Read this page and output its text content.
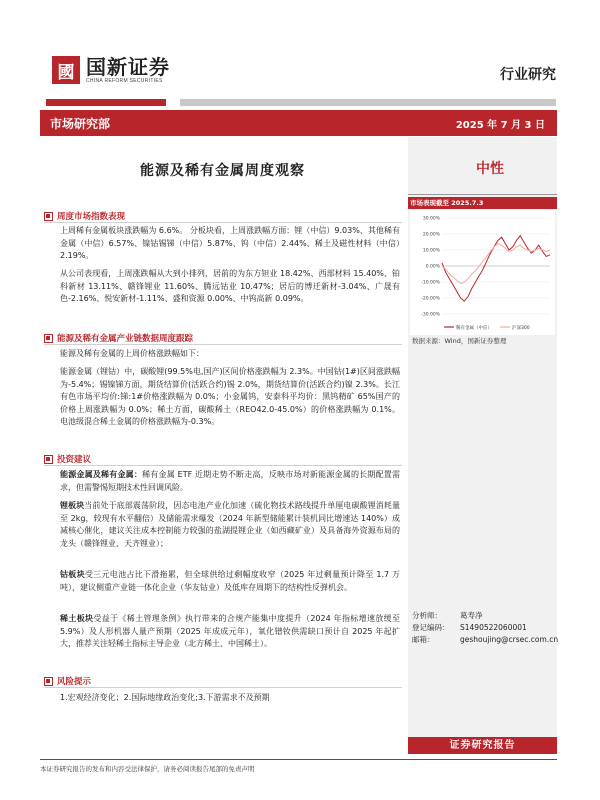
國 国新证券
CHINA REFORM SECURITIES	行业研究
市场研究部	2025 年 7 月 3 日
能源及稀有金属周度观察	中性
市场表现截至 2025.7.3
30.00%
20.00%
10.00%
0.00%
-10.00%
-20.00%
-30.00%
稀有金属（中信）	沪深300
数据来源：Wind，国新证券整理
分析师：	葛寿净
登记编码：	S1490522060001
邮箱：	geshoujing@crsec.com.cn
证券研究报告
周度市场指数表现
上周稀有金属板块涨跌幅为 6.6%。 分板块看，上周涨跌幅方面：锂（中信）9.03%、其他稀有金属（中信）6.57%、镍钴锡锑（中信）5.87%、钨（中信）2.44%、稀土及磁性材料（中信）2.19%。
从公司表现看，上周涨跌幅从大到小排列，居前的为东方钽业 18.42%、西部材料 15.40%、铂科新材 13.11%、赣锋锂业 11.60%、腾远钴业 10.47%；居后的博迁新材-3.04%、广晟有色-2.16%、悦安新材-1.11%、盛和资源 0.00%、中钨高新 0.09%。
能源及稀有金属产业链数据周度跟踪
能源及稀有金属的上周价格涨跌幅如下：
能源金属（锂钴）中，碳酸锂(99.5%电,国产)区间价格涨跌幅为 2.3%。中国钴(1#)区间涨跌幅为-5.4%；锡镍锑方面，期货结算价(活跃合约)锡 2.0%，期货结算价(活跃合约)镍 2.3%。长江有色市场平均价:锑:1#价格涨跌幅为 0.0%；小金属钨，安泰科平均价：黑钨精矿 65%国产的价格上周涨跌幅为 0.0%；稀土方面，碳酸稀土（REO42.0-45.0%）的价格涨跌幅为 0.1%。电池级混合稀土金属的价格涨跌幅为-0.3%。
投资建议
能源金属及稀有金属：稀有金属 ETF 近期走势不断走高，反映市场对新能源金属的长期配置需求，但需警惕短期技术性回调风险。
锂板块当前处于底部震荡阶段，因态电池产业化加速（硫化物技术路线提升单厘电碳酸锂消耗量至 2kg，较现有水平翻倍）及储能需求爆发（2024 年新型储能累计装机同比增速达 140%）成减核心催化，建议关注成本控制能力较强的盐湖提锂企业（如西藏矿业）及具备海外资源布局的龙头（赣锋锂业、天齐锂业）；
钴板块受三元电池占比下滑拖累，但全球供给过剩幅度收窄（2025 年过剩量预计降至 1.7 万吨），建议侧重产业链一体化企业（华友钴业）及低库存周期下的结构性反弹机会。
稀土板块受益于《稀土管理条例》执行带来的合规产能集中度提升（2024 年指标增速放缓至 5.9%）及人形机器人量产预期（2025 年成成元年），氧化镨钕供需缺口预计自 2025 年起扩大，推荐关注轻稀土指标主导企业（北方稀土、中国稀土）。
风险提示
1.宏观经济变化；2.国际地缘政治变化;3.下游需求不及预期
本证券研究报告的发布和内容受法律保护，请务必阅读报告尾部的免责声明
